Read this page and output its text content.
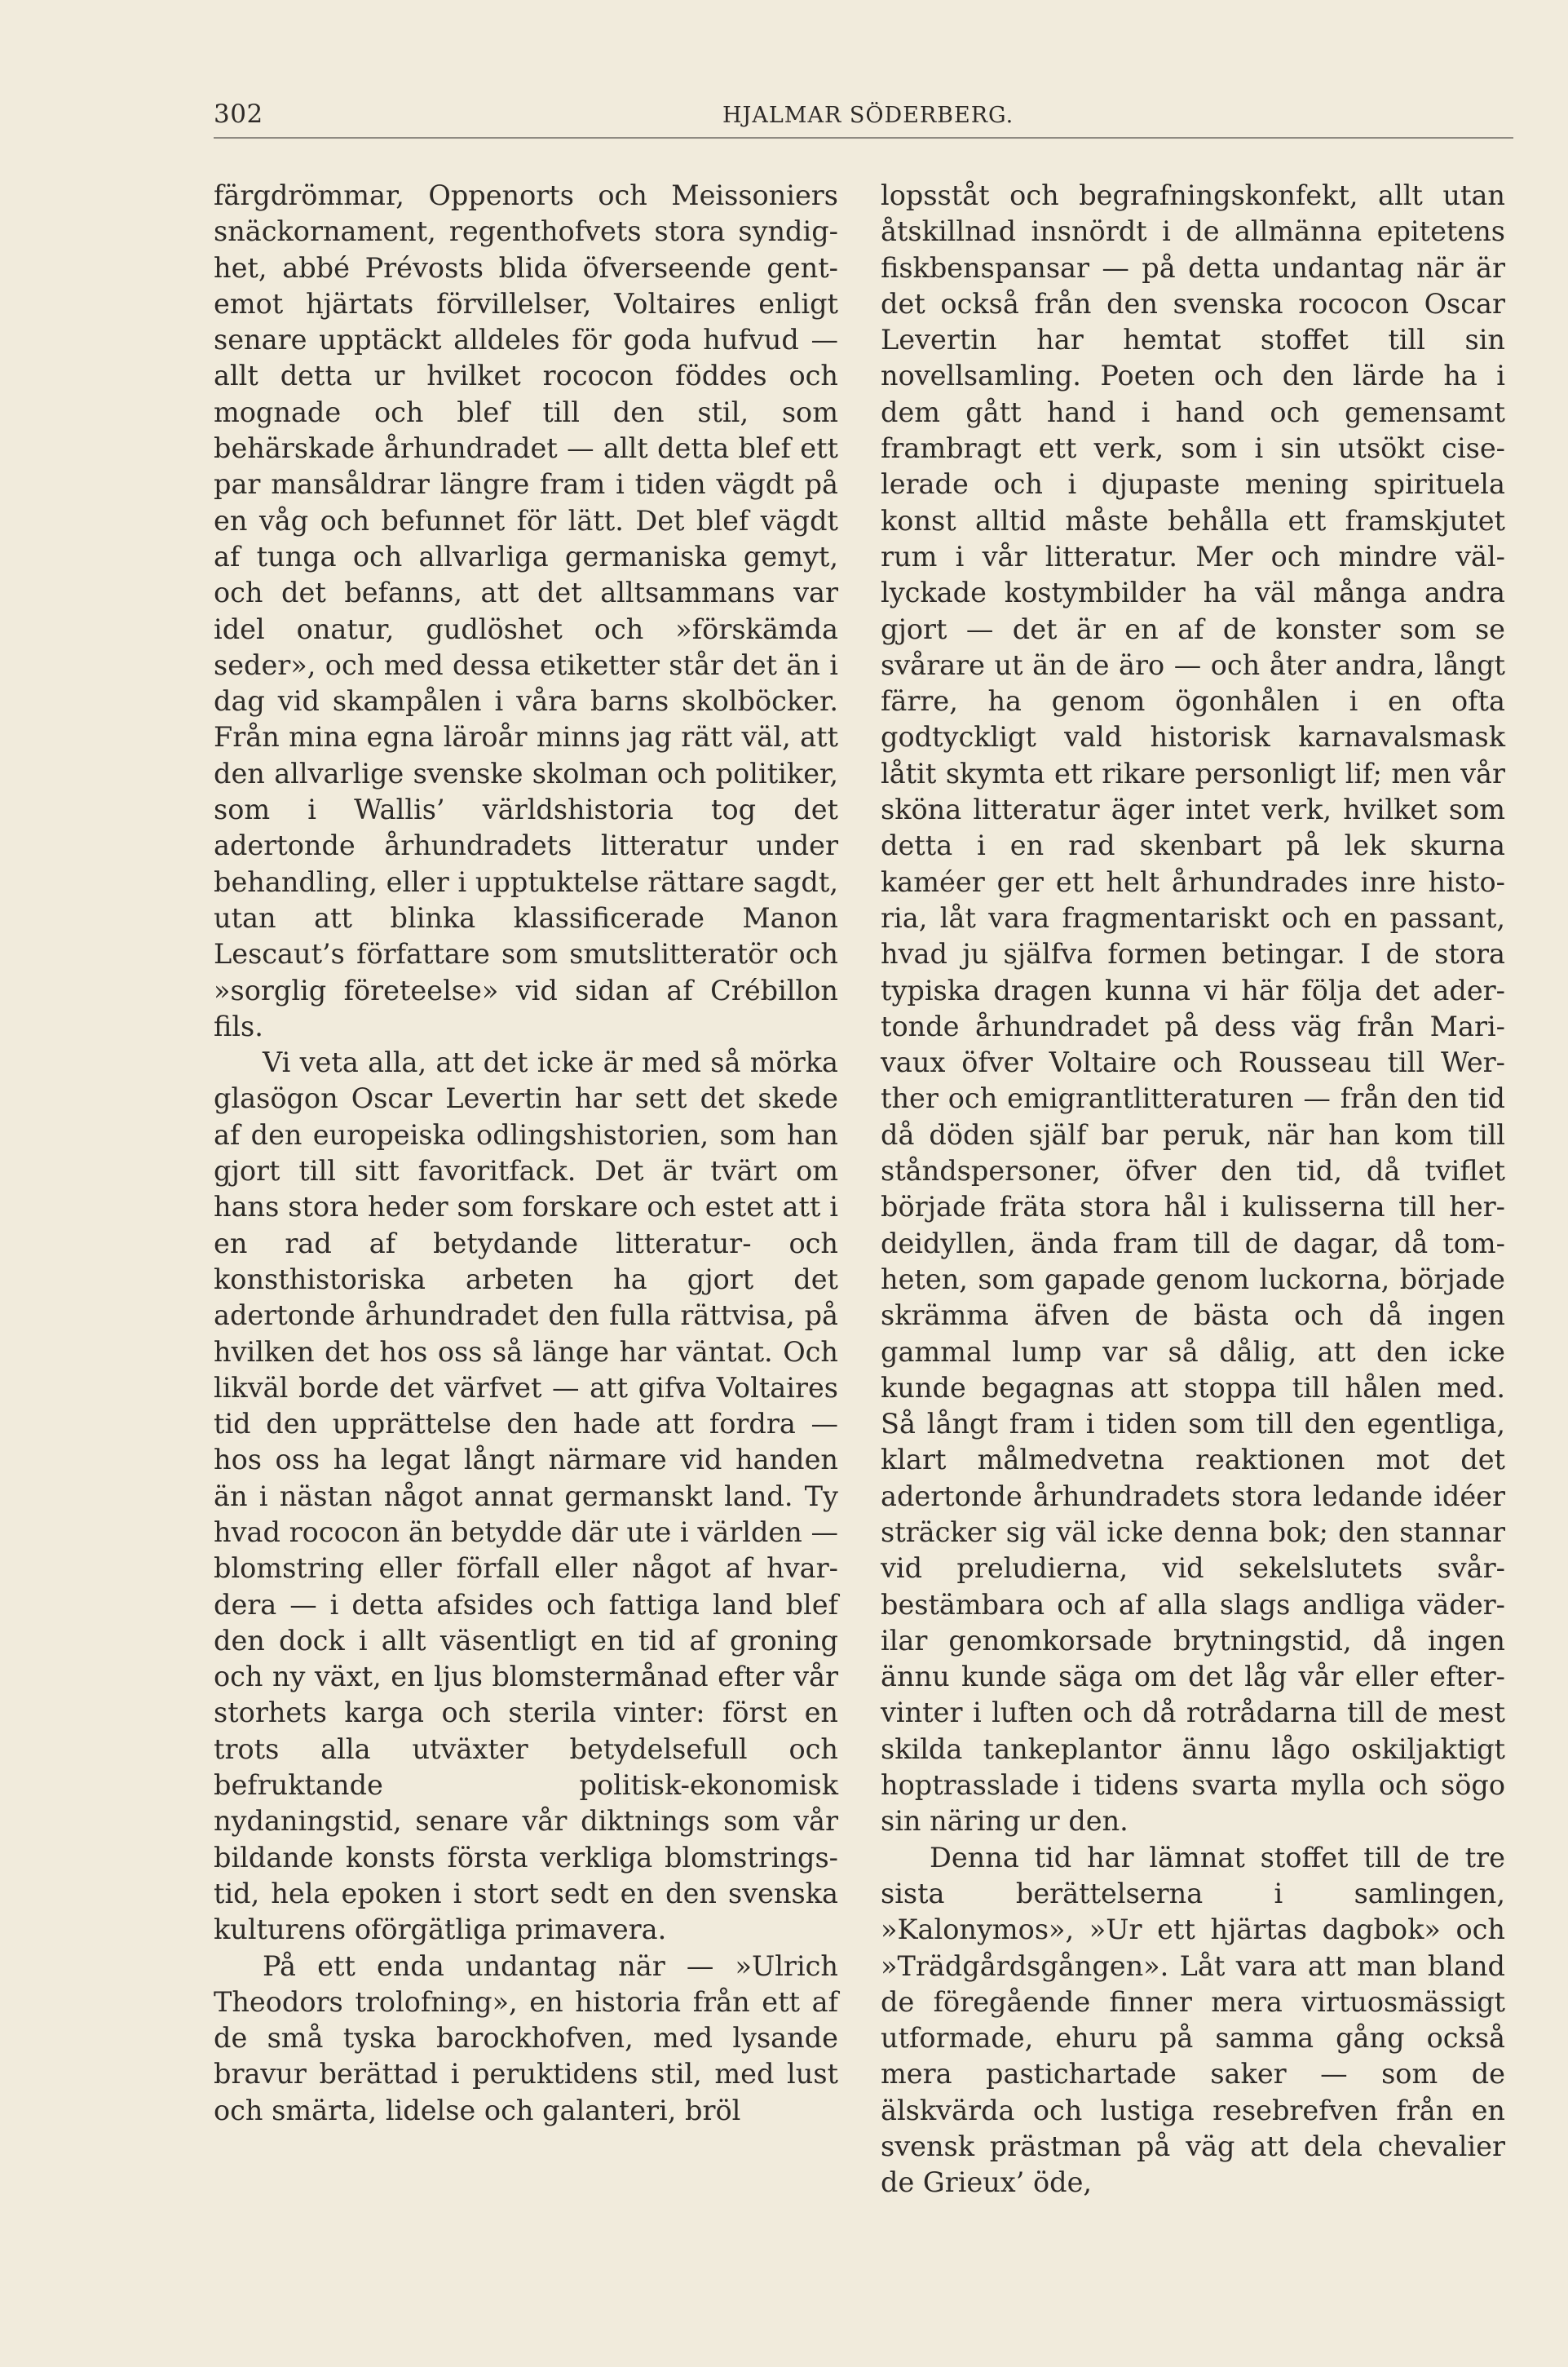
302	HJALMAR SÖDERBERG.

färgdrömmar, Oppenorts och Meissoniers snäckornament, regenthofvets stora syndighet, abbé Prévosts blida öfverseende gentemot hjärtats förvillelser, Voltaires enligt senare upptäckt alldeles för goda hufvud — allt detta ur hvilket rococon föddes och mognade och blef till den stil, som behärskade århundradet — allt detta blef ett par mansåldrar längre fram i tiden vägdt på en våg och befunnet för lätt. Det blef vägdt af tunga och allvarliga germaniska gemyt, och det befanns, att det alltsammans var idel onatur, gudlöshet och »förskämda seder», och med dessa etiketter står det än i dag vid skampålen i våra barns skolböcker. Från mina egna läroår minns jag rätt väl, att den allvarlige svenske skolman och politiker, som i Wallis’ världshistoria tog det adertonde århundradets litteratur under behandling, eller i upptuktelse rättare sagdt, utan att blinka klassificerade Manon Lescaut’s författare som smutslitteratör och »sorglig företeelse» vid sidan af Crébillon fils.

Vi veta alla, att det icke är med så mörka glasögon Oscar Levertin har sett det skede af den europeiska odlingshistorien, som han gjort till sitt favoritfack. Det är tvärt om hans stora heder som forskare och estet att i en rad af betydande litteratur- och konsthistoriska arbeten ha gjort det adertonde århundradet den fulla rättvisa, på hvilken det hos oss så länge har väntat. Och likväl borde det värfvet — att gifva Voltaires tid den upprättelse den hade att fordra — hos oss ha legat långt närmare vid handen än i nästan något annat germanskt land. Ty hvad rococon än betydde där ute i världen — blomstring eller förfall eller något af hvardera — i detta afsides och fattiga land blef den dock i allt väsentligt en tid af groning och ny växt, en ljus blomstermånad efter vår storhets karga och sterila vinter: först en trots alla utväxter betydelsefull och befruktande politisk-ekonomisk nydaningstid, senare vår diktnings som vår bildande konsts första verkliga blomstringstid, hela epoken i stort sedt en den svenska kulturens oförgätliga primavera.

På ett enda undantag när — »Ulrich Theodors trolofning», en historia från ett af de små tyska barockhofven, med lysande bravur berättad i peruktidens stil, med lust och smärta, lidelse och galanteri, bröl

lopsståt och begrafningskonfekt, allt utan åtskillnad insnördt i de allmänna epitetens fiskbenspansar — på detta undantag när är det också från den svenska rococon Oscar Levertin har hemtat stoffet till sin novellsamling. Poeten och den lärde ha i dem gått hand i hand och gemensamt frambragt ett verk, som i sin utsökt ciselerade och i djupaste mening spirituela konst alltid måste behålla ett framskjutet rum i vår litteratur. Mer och mindre vällyckade kostymbilder ha väl många andra gjort — det är en af de konster som se svårare ut än de äro — och åter andra, långt färre, ha genom ögonhålen i en ofta godtyckligt vald historisk karnavalsmask låtit skymta ett rikare personligt lif; men vår sköna litteratur äger intet verk, hvilket som detta i en rad skenbart på lek skurna kaméer ger ett helt århundrades inre historia, låt vara fragmentariskt och en passant, hvad ju själfva formen betingar. I de stora typiska dragen kunna vi här följa det adertonde århundradet på dess väg från Marivaux öfver Voltaire och Rousseau till Werther och emigrantlitteraturen — från den tid då döden själf bar peruk, när han kom till ståndspersoner, öfver den tid, då tviflet började fräta stora hål i kulisserna till herdeidyllen, ända fram till de dagar, då tomheten, som gapade genom luckorna, började skrämma äfven de bästa och då ingen gammal lump var så dålig, att den icke kunde begagnas att stoppa till hålen med. Så långt fram i tiden som till den egentliga, klart målmedvetna reaktionen mot det adertonde århundradets stora ledande idéer sträcker sig väl icke denna bok; den stannar vid preludierna, vid sekelslutets svårbestämbara och af alla slags andliga väderilar genomkorsade brytningstid, då ingen ännu kunde säga om det låg vår eller eftervinter i luften och då rotrådarna till de mest skilda tankeplantor ännu lågo oskiljaktigt hoptrasslade i tidens svarta mylla och sögo sin näring ur den.

Denna tid har lämnat stoffet till de tre sista berättelserna i samlingen, »Kalonymos», »Ur ett hjärtas dagbok» och »Trädgårdsgången». Låt vara att man bland de föregående finner mera virtuosmässigt utformade, ehuru på samma gång också mera pastichartade saker — som de älskvärda och lustiga resebrefven från en svensk prästman på väg att dela chevalier de Grieux’ öde,
